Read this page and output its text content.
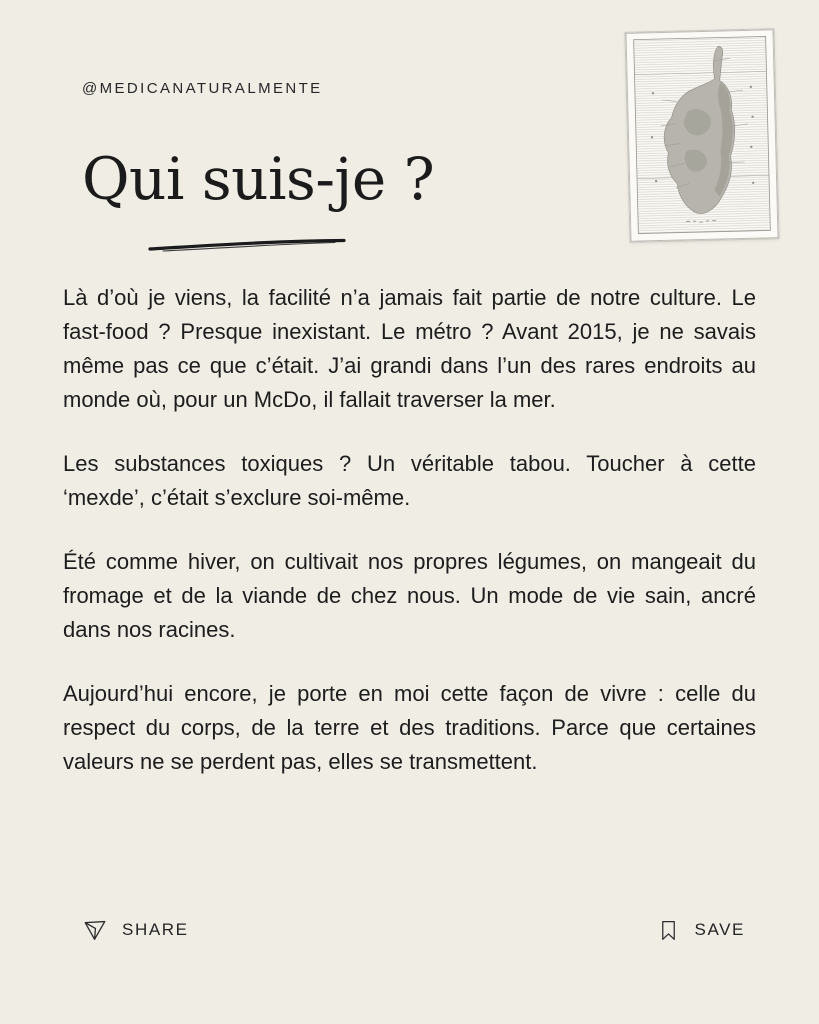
@MEDICANATURALMENTE
Qui suis-je ?

Là d’où je viens, la facilité n’a jamais fait partie de notre culture. Le fast-food ? Presque inexistant. Le métro ? Avant 2015, je ne savais même pas ce que c’était. J’ai grandi dans l’un des rares endroits au monde où, pour un McDo, il fallait traverser la mer.

Les substances toxiques ? Un véritable tabou. Toucher à cette ‘mexde’, c’était s’exclure soi-même.

Été comme hiver, on cultivait nos propres légumes, on mangeait du fromage et de la viande de chez nous. Un mode de vie sain, ancré dans nos racines.

Aujourd’hui encore, je porte en moi cette façon de vivre : celle du respect du corps, de la terre et des traditions. Parce que certaines valeurs ne se perdent pas, elles se transmettent.

SHARE	SAVE
